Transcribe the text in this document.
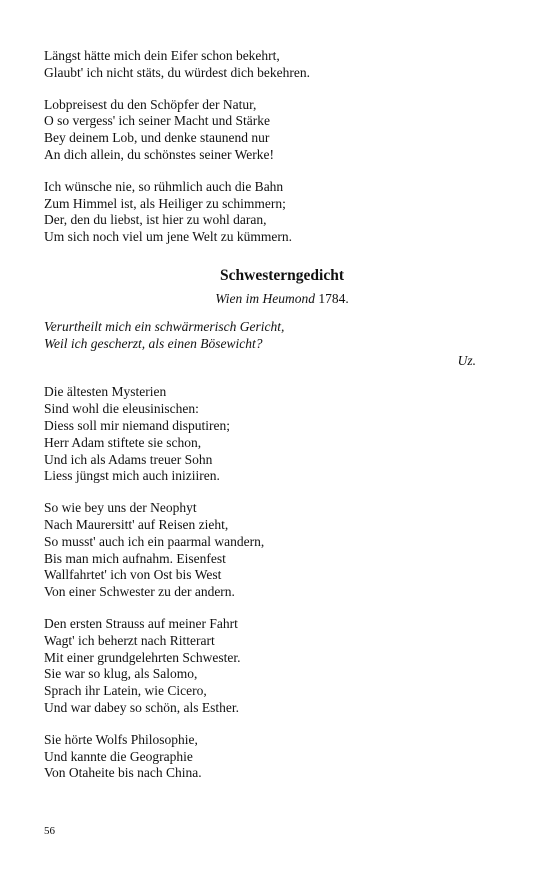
Längst hätte mich dein Eifer schon bekehrt,
Glaubt' ich nicht stäts, du würdest dich bekehren.
Lobpreisest du den Schöpfer der Natur,
O so vergess' ich seiner Macht und Stärke
Bey deinem Lob, und denke staunend nur
An dich allein, du schönstes seiner Werke!
Ich wünsche nie, so rühmlich auch die Bahn
Zum Himmel ist, als Heiliger zu schimmern;
Der, den du liebst, ist hier zu wohl daran,
Um sich noch viel um jene Welt zu kümmern.
Schwesterngedicht
Wien im Heumond 1784.
Verurtheilt mich ein schwärmerisch Gericht,
Weil ich gescherzt, als einen Bösewicht?
Uz.
Die ältesten Mysterien
Sind wohl die eleusinischen:
Diess soll mir niemand disputiren;
Herr Adam stiftete sie schon,
Und ich als Adams treuer Sohn
Liess jüngst mich auch iniziiren.
So wie bey uns der Neophyt
Nach Maurersitt' auf Reisen zieht,
So musst' auch ich ein paarmal wandern,
Bis man mich aufnahm. Eisenfest
Wallfahrtet' ich von Ost bis West
Von einer Schwester zu der andern.
Den ersten Strauss auf meiner Fahrt
Wagt' ich beherzt nach Ritterart
Mit einer grundgelehrten Schwester.
Sie war so klug, als Salomo,
Sprach ihr Latein, wie Cicero,
Und war dabey so schön, als Esther.
Sie hörte Wolfs Philosophie,
Und kannte die Geographie
Von Otaheite bis nach China.
56
